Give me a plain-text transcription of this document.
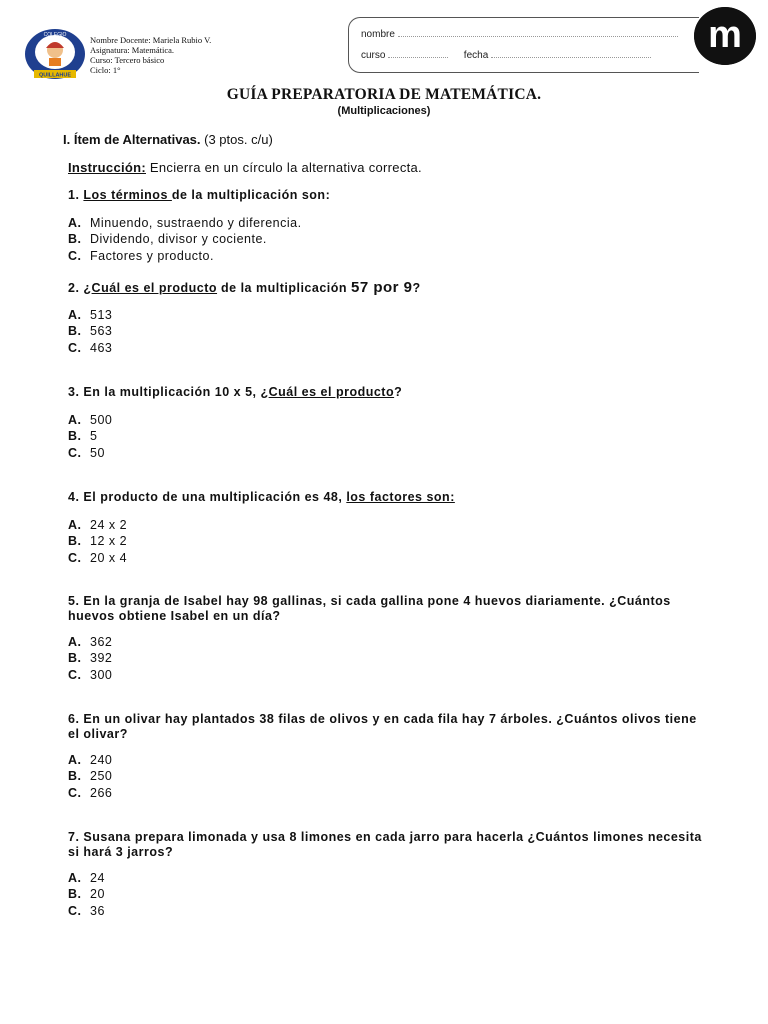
COLEGIO
QUILLAHUE
Nombre Docente: Mariela Rubio V.
Asignatura: Matemática.
Curso: Tercero básico
Ciclo: 1°
nombre
curso	fecha	m
GUÍA PREPARATORIA DE MATEMÁTICA.
(Multiplicaciones)
I. Ítem de Alternativas. (3 ptos. c/u)
Instrucción: Encierra en un círculo la alternativa correcta.
1. Los términos de la multiplicación son:
A. Minuendo, sustraendo y diferencia.
B. Dividendo, divisor y cociente.
C. Factores y producto.
2. ¿Cuál es el producto de la multiplicación 57 por 9?
A. 513
B. 563
C. 463
3. En la multiplicación 10 x 5, ¿Cuál es el producto?
A. 500
B. 5
C. 50
4. El producto de una multiplicación es 48, los factores son:
A. 24 x 2
B. 12 x 2
C. 20 x 4
5. En la granja de Isabel hay 98 gallinas, si cada gallina pone 4 huevos diariamente. ¿Cuántos huevos obtiene Isabel en un día?
A. 362
B. 392
C. 300
6. En un olivar hay plantados 38 filas de olivos y en cada fila hay 7 árboles. ¿Cuántos olivos tiene el olivar?
A. 240
B. 250
C. 266
7. Susana prepara limonada y usa 8 limones en cada jarro para hacerla ¿Cuántos limones necesita si hará 3 jarros?
A. 24
B. 20
C. 36
